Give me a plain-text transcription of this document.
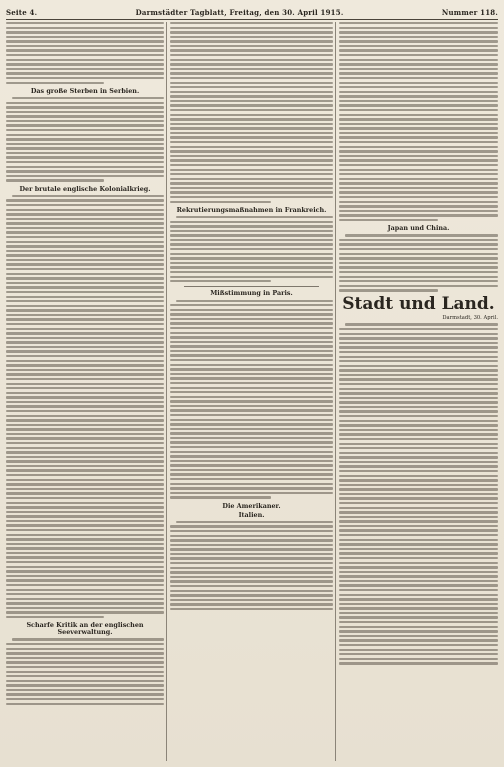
Seite 4.	Darmstädter Tagblatt, Freitag, den 30. April 1915.	Nummer 118.
Das große Sterben in Serbien.
Der brutale englische Kolonialkrieg.
Scharfe Kritik an der englischen Seeverwaltung.
Rekrutierungsmaßnahmen in Frankreich.
Mißstimmung in Paris.
Die Amerikaner.
Italien.
Japan und China.
Stadt und Land.
Darmstadt, 30. April.
